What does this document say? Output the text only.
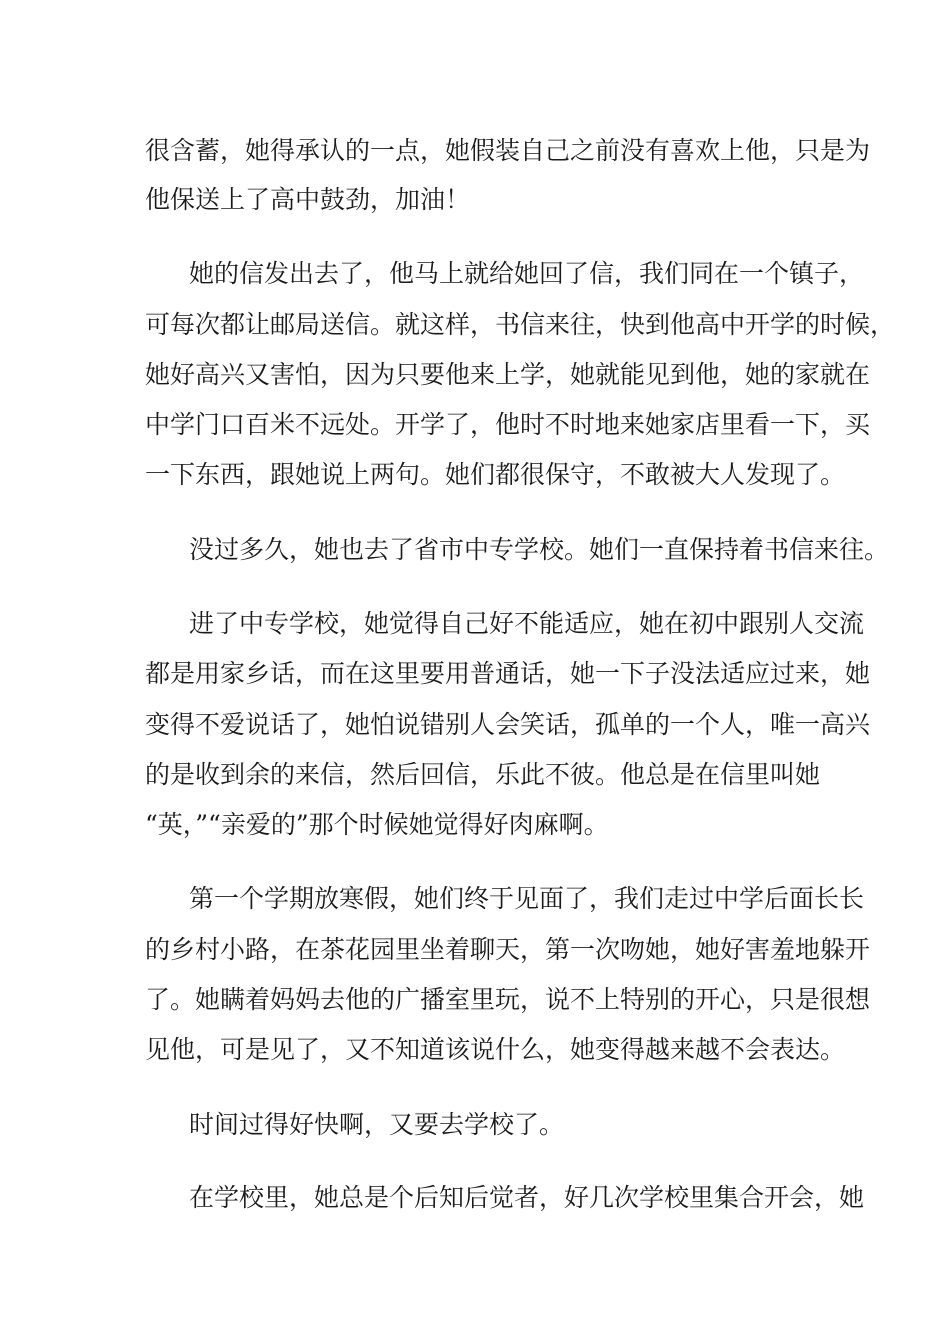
很含蓄，她得承认的一点，她假装自己之前没有喜欢上他，只是为
他保送上了高中鼓劲，加油！
她的信发出去了，他马上就给她回了信，我们同在一个镇子，
可每次都让邮局送信。就这样，书信来往，快到他高中开学的时候，
她好高兴又害怕，因为只要他来上学，她就能见到他，她的家就在
中学门口百米不远处。开学了，他时不时地来她家店里看一下，买
一下东西，跟她说上两句。她们都很保守，不敢被大人发现了。
没过多久，她也去了省市中专学校。她们一直保持着书信来往。
进了中专学校，她觉得自己好不能适应，她在初中跟别人交流
都是用家乡话，而在这里要用普通话，她一下子没法适应过来，她
变得不爱说话了，她怕说错别人会笑话，孤单的一个人，唯一高兴
的是收到余的来信，然后回信，乐此不彼。他总是在信里叫她
“英，”“亲爱的”那个时候她觉得好肉麻啊。
第一个学期放寒假，她们终于见面了，我们走过中学后面长长
的乡村小路，在茶花园里坐着聊天，第一次吻她，她好害羞地躲开
了。她瞒着妈妈去他的广播室里玩，说不上特别的开心，只是很想
见他，可是见了，又不知道该说什么，她变得越来越不会表达。
时间过得好快啊，又要去学校了。
在学校里，她总是个后知后觉者，好几次学校里集合开会，她
